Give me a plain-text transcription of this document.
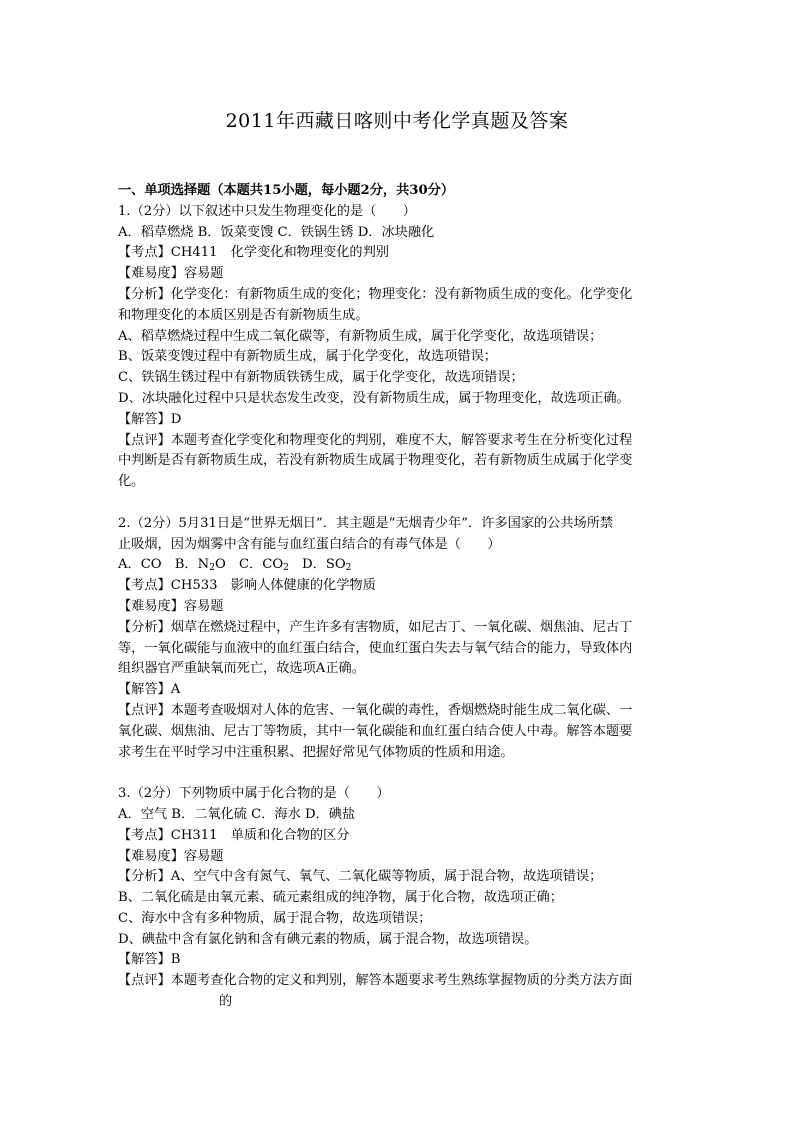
2011年西藏日喀则中考化学真题及答案
一、单项选择题（本题共15小题，每小题2分，共30分）
1.（2分）以下叙述中只发生物理变化的是（　　）
A．稻草燃烧 B．饭菜变馊 C．铁锅生锈 D．冰块融化
【考点】CH411　化学变化和物理变化的判别
【难易度】容易题
【分析】化学变化：有新物质生成的变化；物理变化：没有新物质生成的变化。化学变化
和物理变化的本质区别是否有新物质生成。
A、稻草燃烧过程中生成二氧化碳等，有新物质生成，属于化学变化，故选项错误；
B、饭菜变馊过程中有新物质生成，属于化学变化，故选项错误；
C、铁锅生锈过程中有新物质铁锈生成，属于化学变化，故选项错误；
D、冰块融化过程中只是状态发生改变，没有新物质生成，属于物理变化，故选项正确。
【解答】D
【点评】本题考查化学变化和物理变化的判别，难度不大，解答要求考生在分析变化过程
中判断是否有新物质生成，若没有新物质生成属于物理变化，若有新物质生成属于化学变
化。
2.（2分）5月31日是“世界无烟日”．其主题是“无烟青少年”．许多国家的公共场所禁
止吸烟，因为烟雾中含有能与血红蛋白结合的有毒气体是（　　）
A．CO　B．$N_2O$　C．$CO_2$　D．$SO_2$
【考点】CH533　影响人体健康的化学物质
【难易度】容易题
【分析】烟草在燃烧过程中，产生许多有害物质，如尼古丁、一氧化碳、烟焦油、尼古丁
等，一氧化碳能与血液中的血红蛋白结合，使血红蛋白失去与氧气结合的能力，导致体内
组织器官严重缺氧而死亡，故选项A正确。
【解答】A
【点评】本题考查吸烟对人体的危害、一氧化碳的毒性，香烟燃烧时能生成二氧化碳、一
氧化碳、烟焦油、尼古丁等物质，其中一氧化碳能和血红蛋白结合使人中毒。解答本题要
求考生在平时学习中注重积累、把握好常见气体物质的性质和用途。
3.（2分）下列物质中属于化合物的是（　　）
A．空气 B．二氧化硫 C．海水 D．碘盐
【考点】CH311　单质和化合物的区分
【难易度】容易题
【分析】A、空气中含有氮气、氧气、二氧化碳等物质，属于混合物，故选项错误；
B、二氧化硫是由氧元素、硫元素组成的纯净物，属于化合物，故选项正确；
C、海水中含有多种物质，属于混合物，故选项错误；
D、碘盐中含有氯化钠和含有碘元素的物质，属于混合物，故选项错误。
【解答】B
【点评】本题考查化合物的定义和判别，解答本题要求考生熟练掌握物质的分类方法方面
的
